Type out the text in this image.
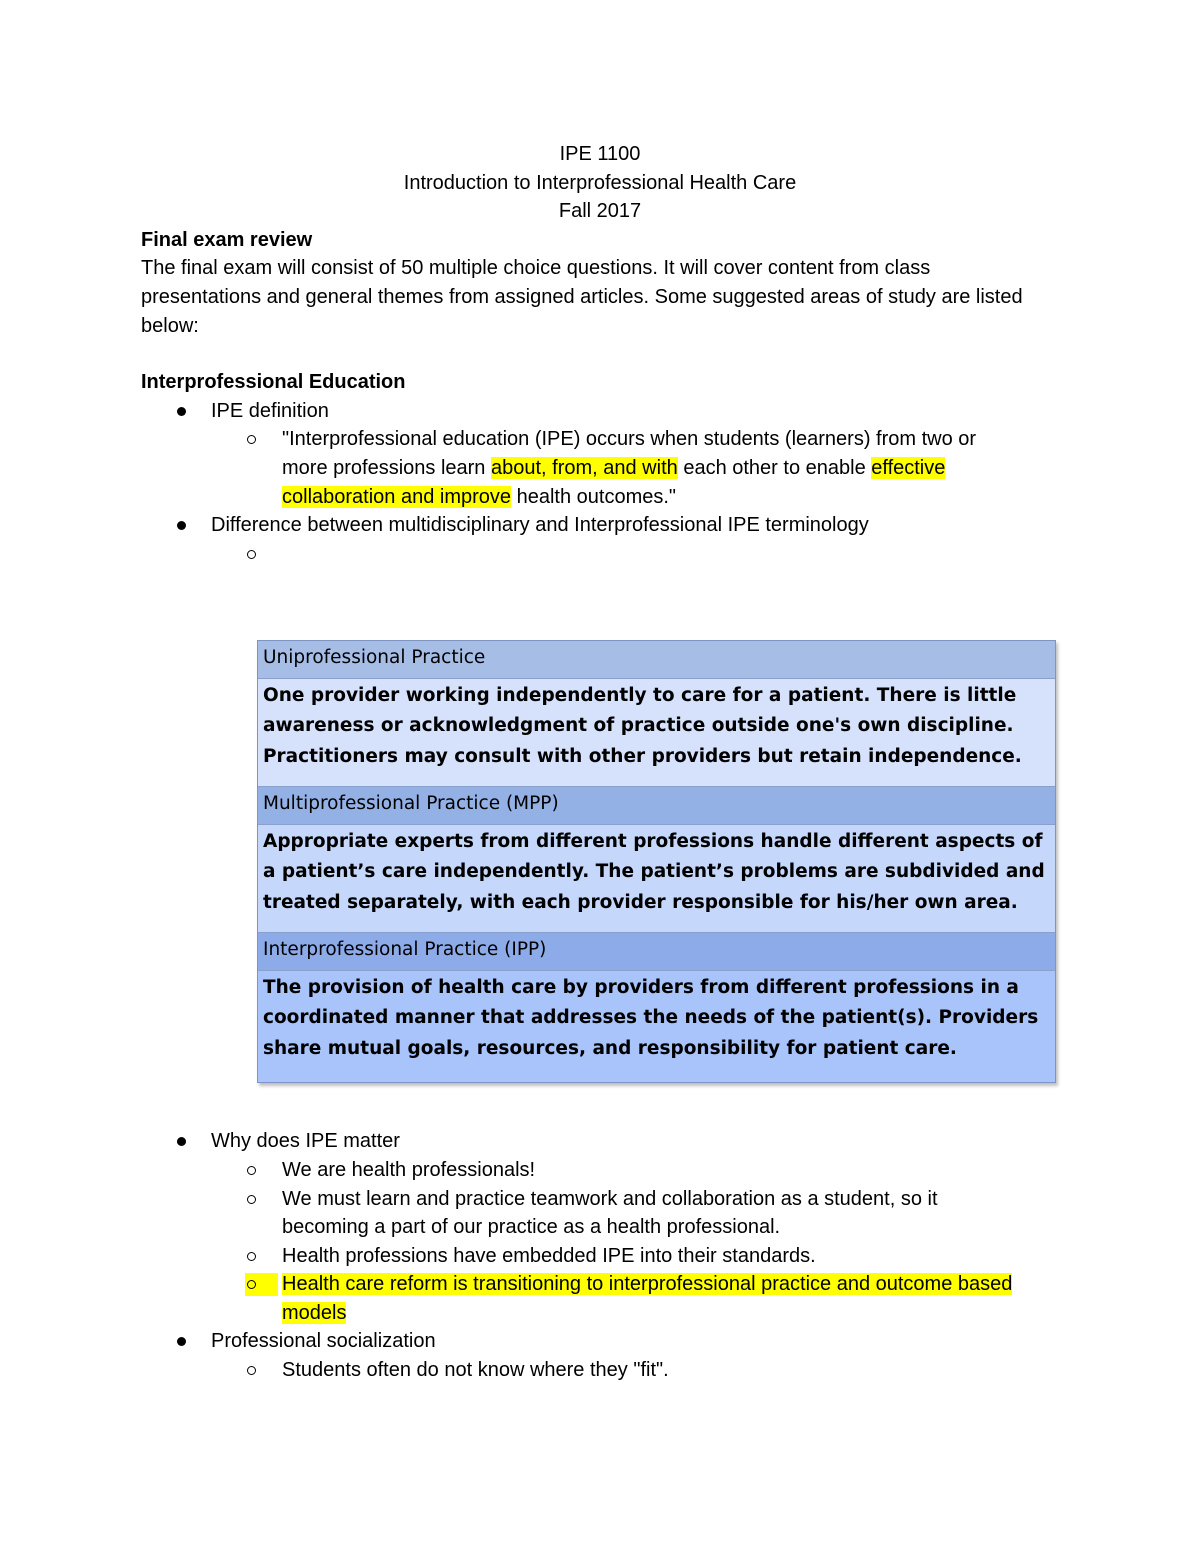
IPE 1100

Introduction to Interprofessional Health Care

Fall 2017

Final exam review

The final exam will consist of 50 multiple choice questions. It will cover content from class presentations and general themes from assigned articles. Some suggested areas of study are listed below:

Interprofessional Education

IPE definition
"Interprofessional education (IPE) occurs when students (learners) from two or more professions learn about, from, and with each other to enable effective collaboration and improve health outcomes."
Difference between multidisciplinary and Interprofessional IPE terminology
Why does IPE matter
We are health professionals!
We must learn and practice teamwork and collaboration as a student, so it becoming a part of our practice as a health professional.
Health professions have embedded IPE into their standards.
Health care reform is transitioning to interprofessional practice and outcome based models
Professional socialization
Students often do not know where they "fit".
Uniprofessional Practice
One provider working independently to care for a patient. There is little awareness or acknowledgment of practice outside one's own discipline. Practitioners may consult with other providers but retain independence.
Multiprofessional Practice (MPP)
Appropriate experts from different professions handle different aspects of a patient’s care independently. The patient’s problems are subdivided and treated separately, with each provider responsible for his/her own area.
Interprofessional Practice (IPP)
The provision of health care by providers from different professions in a coordinated manner that addresses the needs of the patient(s). Providers share mutual goals, resources, and responsibility for patient care.
